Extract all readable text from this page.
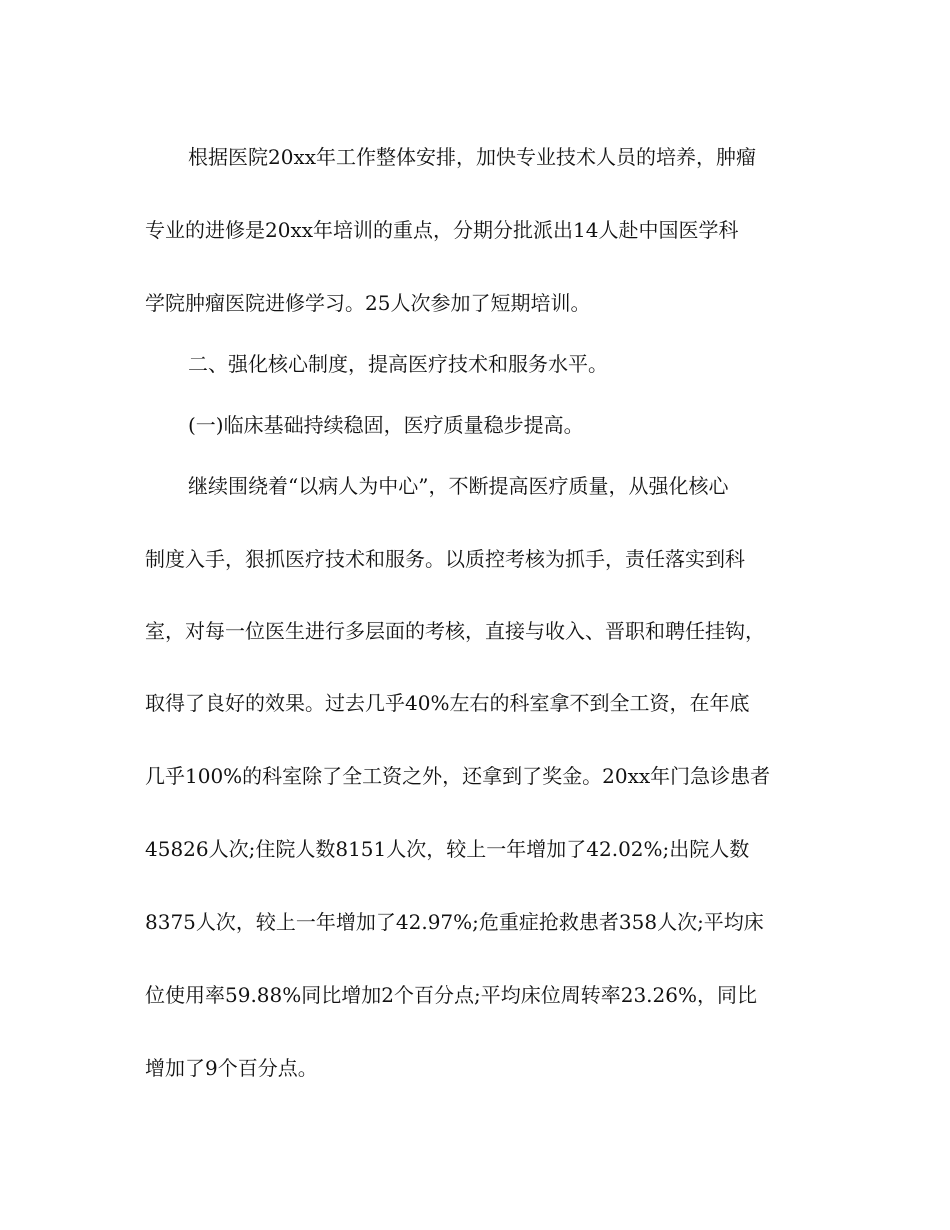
根据医院20xx年工作整体安排，加快专业技术人员的培养，肿瘤
专业的进修是20xx年培训的重点，分期分批派出14人赴中国医学科
学院肿瘤医院进修学习。25人次参加了短期培训。
二、强化核心制度，提高医疗技术和服务水平。
(一)临床基础持续稳固，医疗质量稳步提高。
继续围绕着“以病人为中心”，不断提高医疗质量，从强化核心
制度入手，狠抓医疗技术和服务。以质控考核为抓手，责任落实到科
室，对每一位医生进行多层面的考核，直接与收入、晋职和聘任挂钩，
取得了良好的效果。过去几乎40%左右的科室拿不到全工资，在年底
几乎100%的科室除了全工资之外，还拿到了奖金。20xx年门急诊患者
45826人次;住院人数8151人次，较上一年增加了42.02%;出院人数
8375人次，较上一年增加了42.97%;危重症抢救患者358人次;平均床
位使用率59.88%同比增加2个百分点;平均床位周转率23.26%，同比
增加了9个百分点。
